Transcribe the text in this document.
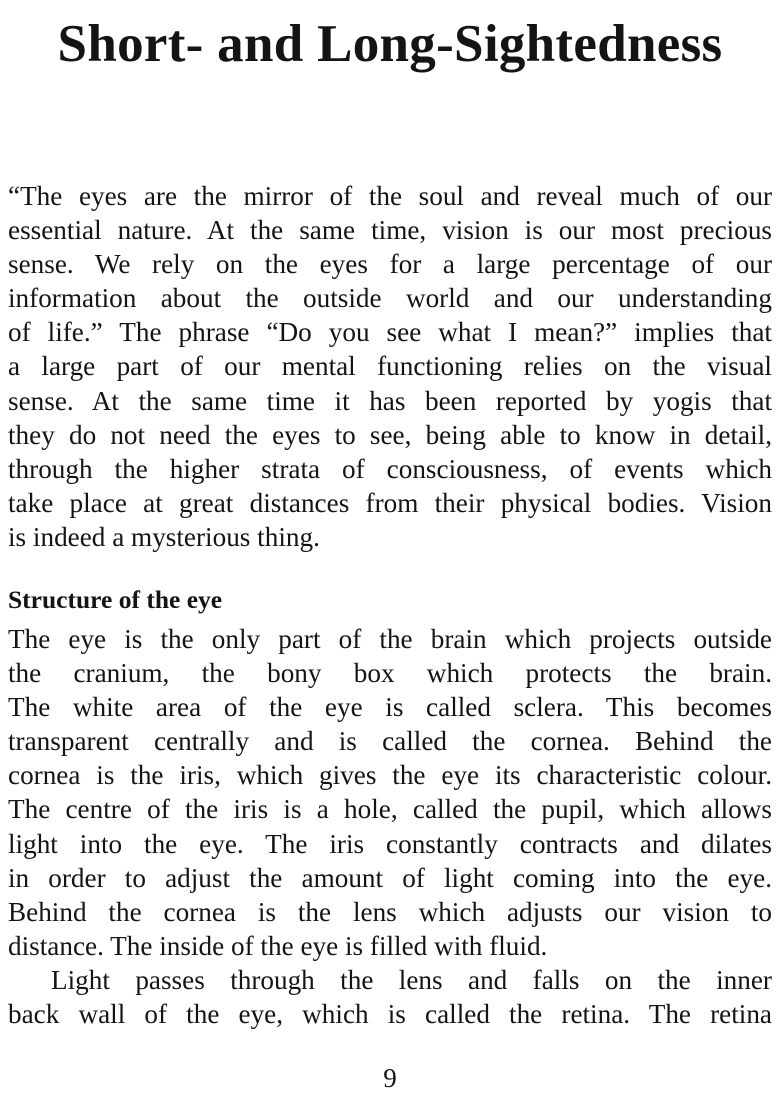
Short- and Long-Sightedness
“The eyes are the mirror of the soul and reveal much of our
essential nature. At the same time, vision is our most precious
sense. We rely on the eyes for a large percentage of our
information about the outside world and our understanding
of life.” The phrase “Do you see what I mean?” implies that
a large part of our mental functioning relies on the visual
sense. At the same time it has been reported by yogis that
they do not need the eyes to see, being able to know in detail,
through the higher strata of consciousness, of events which
take place at great distances from their physical bodies. Vision
is indeed a mysterious thing.
Structure of the eye
The eye is the only part of the brain which projects outside
the cranium, the bony box which protects the brain.
The white area of the eye is called sclera. This becomes
transparent centrally and is called the cornea. Behind the
cornea is the iris, which gives the eye its characteristic colour.
The centre of the iris is a hole, called the pupil, which allows
light into the eye. The iris constantly contracts and dilates
in order to adjust the amount of light coming into the eye.
Behind the cornea is the lens which adjusts our vision to
distance. The inside of the eye is filled with fluid.
Light passes through the lens and falls on the inner
back wall of the eye, which is called the retina. The retina
9
